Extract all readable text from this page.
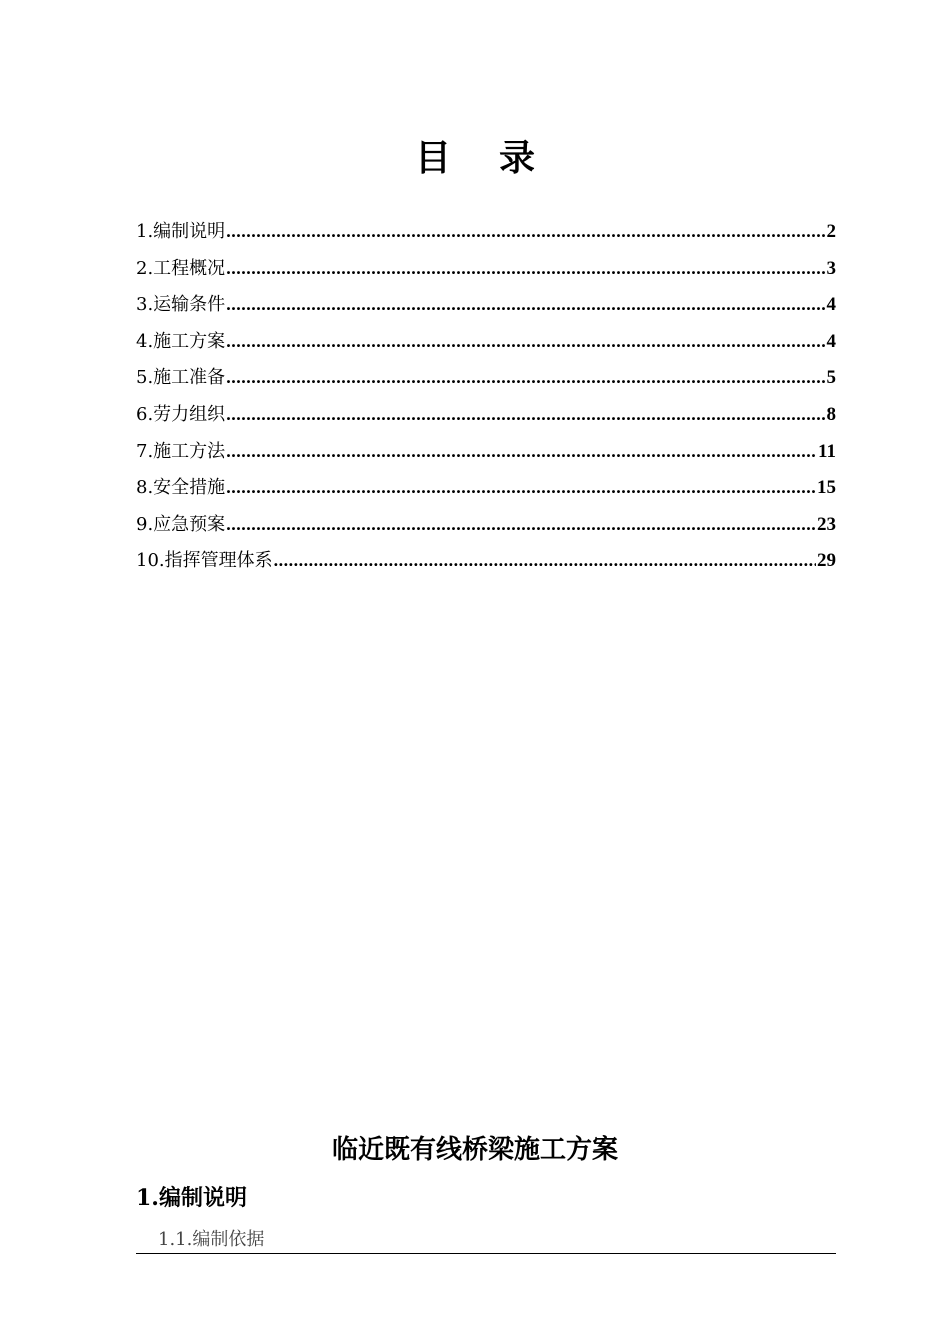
目 录
1.编制说明 .....	2
2.工程概况 .....	3
3.运输条件 .....	4
4.施工方案 .....	4
5.施工准备 .....	5
6.劳力组织 .....	8
7.施工方法 .....	11
8.安全措施 .....	15
9.应急预案 .....	23
10.指挥管理体系 .....	29
临近既有线桥梁施工方案
1.编制说明
1.1.编制依据
